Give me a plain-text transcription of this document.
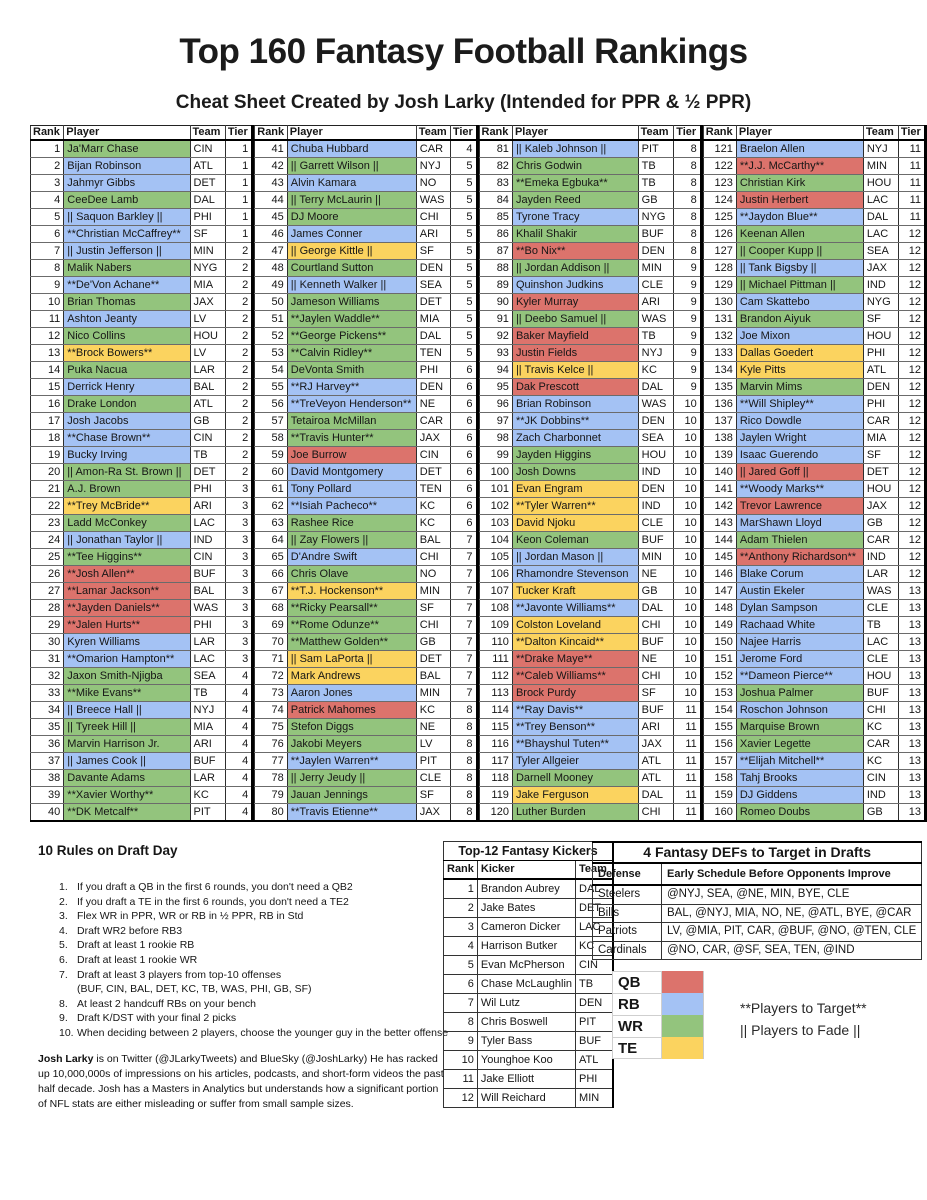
Top 160 Fantasy Football Rankings
Cheat Sheet Created by Josh Larky (Intended for PPR & ½ PPR)
Rank	Player	Team	Tier
1	Ja'Marr Chase	CIN	1
2	Bijan Robinson	ATL	1
3	Jahmyr Gibbs	DET	1
4	CeeDee Lamb	DAL	1
5	|| Saquon Barkley ||	PHI	1
6	**Christian McCaffrey**	SF	1
7	|| Justin Jefferson ||	MIN	2
8	Malik Nabers	NYG	2
9	**De'Von Achane**	MIA	2
10	Brian Thomas	JAX	2
11	Ashton Jeanty	LV	2
12	Nico Collins	HOU	2
13	**Brock Bowers**	LV	2
14	Puka Nacua	LAR	2
15	Derrick Henry	BAL	2
16	Drake London	ATL	2
17	Josh Jacobs	GB	2
18	**Chase Brown**	CIN	2
19	Bucky Irving	TB	2
20	|| Amon-Ra St. Brown ||	DET	2
21	A.J. Brown	PHI	3
22	**Trey McBride**	ARI	3
23	Ladd McConkey	LAC	3
24	|| Jonathan Taylor ||	IND	3
25	**Tee Higgins**	CIN	3
26	**Josh Allen**	BUF	3
27	**Lamar Jackson**	BAL	3
28	**Jayden Daniels**	WAS	3
29	**Jalen Hurts**	PHI	3
30	Kyren Williams	LAR	3
31	**Omarion Hampton**	LAC	3
32	Jaxon Smith-Njigba	SEA	4
33	**Mike Evans**	TB	4
34	|| Breece Hall ||	NYJ	4
35	|| Tyreek Hill ||	MIA	4
36	Marvin Harrison Jr.	ARI	4
37	|| James Cook ||	BUF	4
38	Davante Adams	LAR	4
39	**Xavier Worthy**	KC	4
40	**DK Metcalf**	PIT	4
Rank	Player	Team	Tier
41	Chuba Hubbard	CAR	4
42	|| Garrett Wilson ||	NYJ	5
43	Alvin Kamara	NO	5
44	|| Terry McLaurin ||	WAS	5
45	DJ Moore	CHI	5
46	James Conner	ARI	5
47	|| George Kittle ||	SF	5
48	Courtland Sutton	DEN	5
49	|| Kenneth Walker ||	SEA	5
50	Jameson Williams	DET	5
51	**Jaylen Waddle**	MIA	5
52	**George Pickens**	DAL	5
53	**Calvin Ridley**	TEN	5
54	DeVonta Smith	PHI	6
55	**RJ Harvey**	DEN	6
56	**TreVeyon Henderson**	NE	6
57	Tetairoa McMillan	CAR	6
58	**Travis Hunter**	JAX	6
59	Joe Burrow	CIN	6
60	David Montgomery	DET	6
61	Tony Pollard	TEN	6
62	**Isiah Pacheco**	KC	6
63	Rashee Rice	KC	6
64	|| Zay Flowers ||	BAL	7
65	D'Andre Swift	CHI	7
66	Chris Olave	NO	7
67	**T.J. Hockenson**	MIN	7
68	**Ricky Pearsall**	SF	7
69	**Rome Odunze**	CHI	7
70	**Matthew Golden**	GB	7
71	|| Sam LaPorta ||	DET	7
72	Mark Andrews	BAL	7
73	Aaron Jones	MIN	7
74	Patrick Mahomes	KC	8
75	Stefon Diggs	NE	8
76	Jakobi Meyers	LV	8
77	**Jaylen Warren**	PIT	8
78	|| Jerry Jeudy ||	CLE	8
79	Jauan Jennings	SF	8
80	**Travis Etienne**	JAX	8
Rank	Player	Team	Tier
81	|| Kaleb Johnson ||	PIT	8
82	Chris Godwin	TB	8
83	**Emeka Egbuka**	TB	8
84	Jayden Reed	GB	8
85	Tyrone Tracy	NYG	8
86	Khalil Shakir	BUF	8
87	**Bo Nix**	DEN	8
88	|| Jordan Addison ||	MIN	9
89	Quinshon Judkins	CLE	9
90	Kyler Murray	ARI	9
91	|| Deebo Samuel ||	WAS	9
92	Baker Mayfield	TB	9
93	Justin Fields	NYJ	9
94	|| Travis Kelce ||	KC	9
95	Dak Prescott	DAL	9
96	Brian Robinson	WAS	10
97	**JK Dobbins**	DEN	10
98	Zach Charbonnet	SEA	10
99	Jayden Higgins	HOU	10
100	Josh Downs	IND	10
101	Evan Engram	DEN	10
102	**Tyler Warren**	IND	10
103	David Njoku	CLE	10
104	Keon Coleman	BUF	10
105	|| Jordan Mason ||	MIN	10
106	Rhamondre Stevenson	NE	10
107	Tucker Kraft	GB	10
108	**Javonte Williams**	DAL	10
109	Colston Loveland	CHI	10
110	**Dalton Kincaid**	BUF	10
111	**Drake Maye**	NE	10
112	**Caleb Williams**	CHI	10
113	Brock Purdy	SF	10
114	**Ray Davis**	BUF	11
115	**Trey Benson**	ARI	11
116	**Bhayshul Tuten**	JAX	11
117	Tyler Allgeier	ATL	11
118	Darnell Mooney	ATL	11
119	Jake Ferguson	DAL	11
120	Luther Burden	CHI	11
Rank	Player	Team	Tier
121	Braelon Allen	NYJ	11
122	**J.J. McCarthy**	MIN	11
123	Christian Kirk	HOU	11
124	Justin Herbert	LAC	11
125	**Jaydon Blue**	DAL	11
126	Keenan Allen	LAC	12
127	|| Cooper Kupp ||	SEA	12
128	|| Tank Bigsby ||	JAX	12
129	|| Michael Pittman ||	IND	12
130	Cam Skattebo	NYG	12
131	Brandon Aiyuk	SF	12
132	Joe Mixon	HOU	12
133	Dallas Goedert	PHI	12
134	Kyle Pitts	ATL	12
135	Marvin Mims	DEN	12
136	**Will Shipley**	PHI	12
137	Rico Dowdle	CAR	12
138	Jaylen Wright	MIA	12
139	Isaac Guerendo	SF	12
140	|| Jared Goff ||	DET	12
141	**Woody Marks**	HOU	12
142	Trevor Lawrence	JAX	12
143	MarShawn Lloyd	GB	12
144	Adam Thielen	CAR	12
145	**Anthony Richardson**	IND	12
146	Blake Corum	LAR	12
147	Austin Ekeler	WAS	13
148	Dylan Sampson	CLE	13
149	Rachaad White	TB	13
150	Najee Harris	LAC	13
151	Jerome Ford	CLE	13
152	**Dameon Pierce**	HOU	13
153	Joshua Palmer	BUF	13
154	Roschon Johnson	CHI	13
155	Marquise Brown	KC	13
156	Xavier Legette	CAR	13
157	**Elijah Mitchell**	KC	13
158	Tahj Brooks	CIN	13
159	DJ Giddens	IND	13
160	Romeo Doubs	GB	13
10 Rules on Draft Day
1. If you draft a QB in the first 6 rounds, you don't need a QB2
2. If you draft a TE in the first 6 rounds, you don't need a TE2
3. Flex WR in PPR, WR or RB in ½ PPR, RB in Std
4. Draft WR2 before RB3
5. Draft at least 1 rookie RB
6. Draft at least 1 rookie WR
7. Draft at least 3 players from top-10 offenses
(BUF, CIN, BAL, DET, KC, TB, WAS, PHI, GB, SF)
8. At least 2 handcuff RBs on your bench
9. Draft K/DST with your final 2 picks
10. When deciding between 2 players, choose the younger guy in the better offense
Top-12 Fantasy Kickers		
Rank	Kicker	Team
1	Brandon Aubrey	DAL
2	Jake Bates	DET
3	Cameron Dicker	LAC
4	Harrison Butker	KC
5	Evan McPherson	CIN
6	Chase McLaughlin	TB
7	Wil Lutz	DEN
8	Chris Boswell	PIT
9	Tyler Bass	BUF
10	Younghoe Koo	ATL
11	Jake Elliott	PHI
12	Will Reichard	MIN
4 Fantasy DEFs to Target in Drafts	
Defense	Early Schedule Before Opponents Improve
Steelers	@NYJ, SEA, @NE, MIN, BYE, CLE
Bills	BAL, @NYJ, MIA, NO, NE, @ATL, BYE, @CAR
Patriots	LV, @MIA, PIT, CAR, @BUF, @NO, @TEN, CLE
Cardinals	@NO, CAR, @SF, SEA, TEN, @IND
QB
RB
WR
TE
**Players to Target**
|| Players to Fade ||
Josh Larky is on Twitter (@JLarkyTweets) and BlueSky (@JoshLarky) He has racked up 10,000,000s of impressions on his articles, podcasts, and short-form videos the past half decade. Josh has a Masters in Analytics but understands how a significant portion of NFL stats are either misleading or suffer from small sample sizes.
